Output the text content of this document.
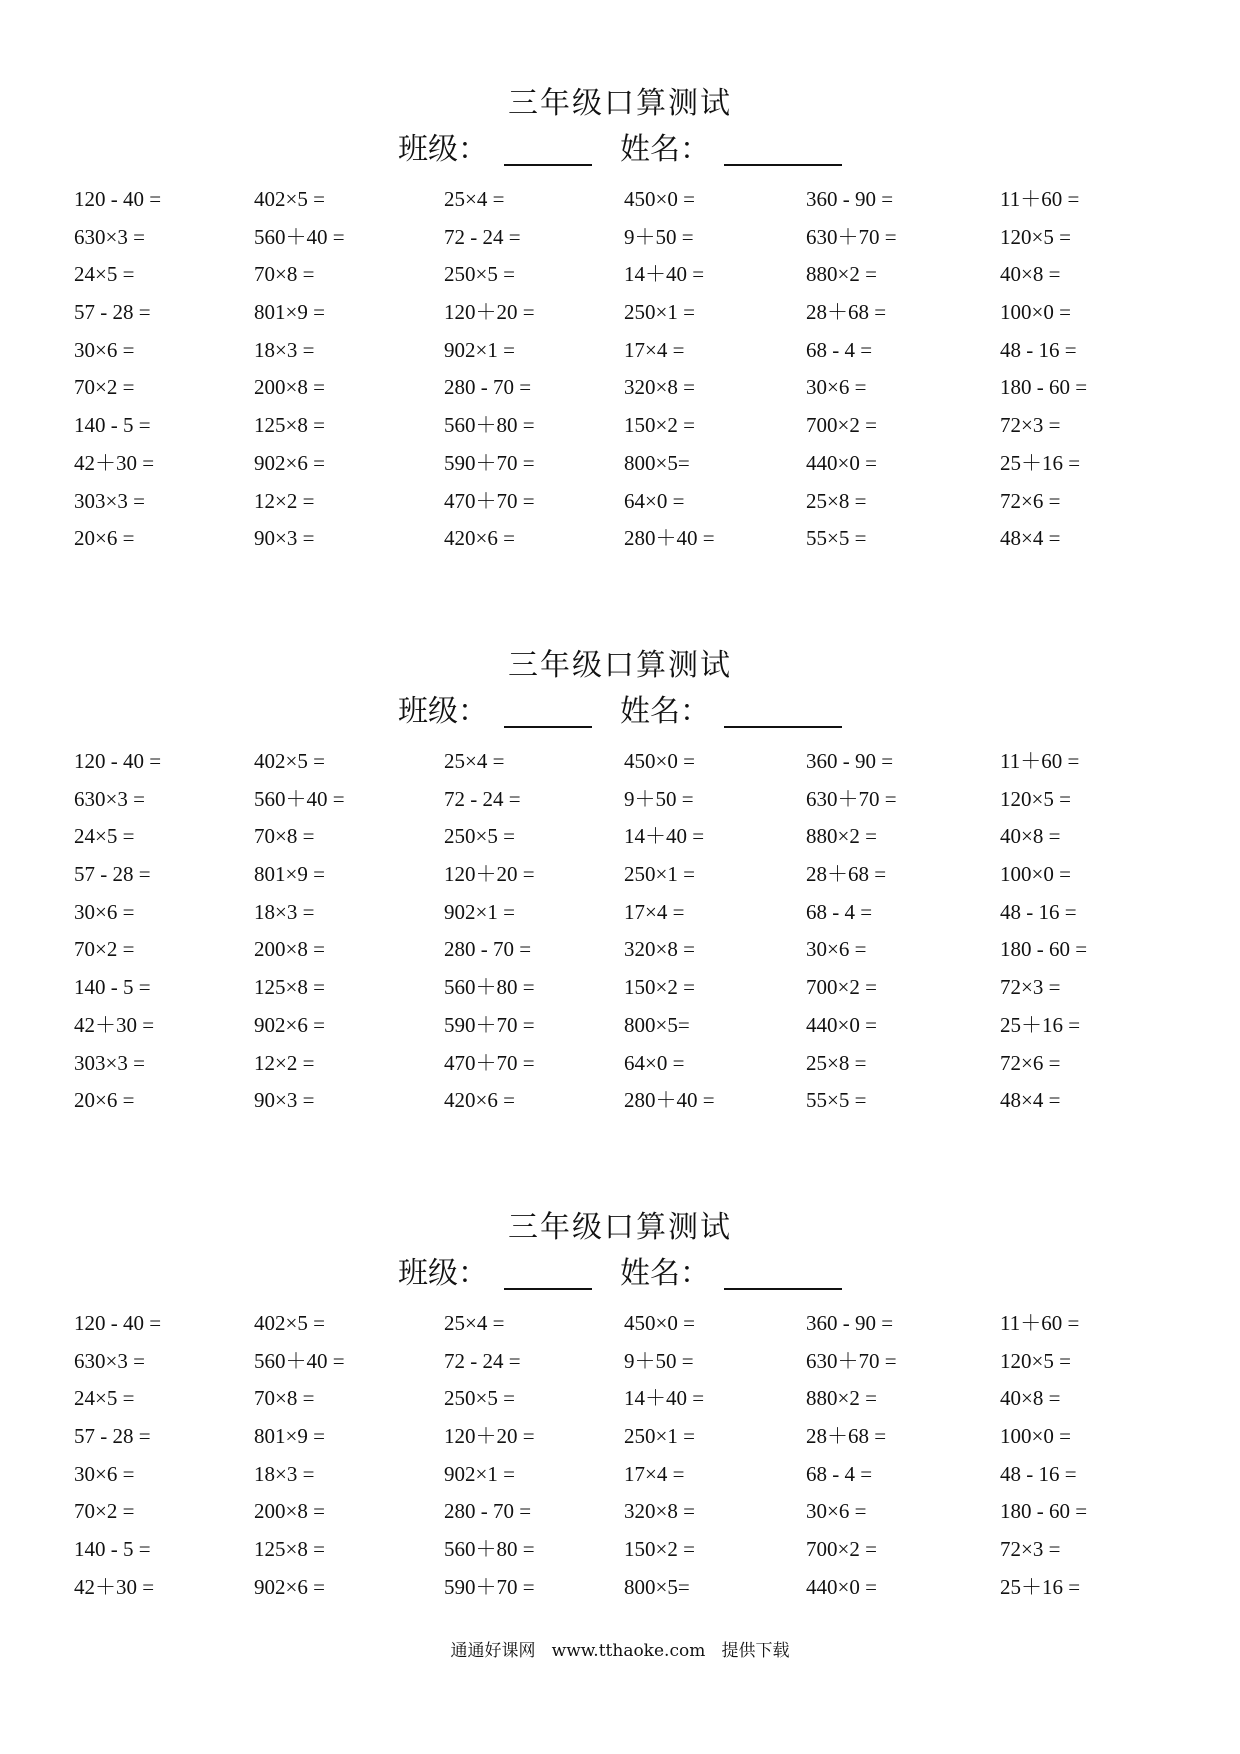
三年级口算测试
班级：	姓名：
120 - 40 =	402×5 =	25×4 =	450×0 =	360 - 90 =	11＋60 =
630×3 =	560＋40 =	72 - 24 =	9＋50 =	630＋70 =	120×5 =
24×5 =	70×8 =	250×5 =	14＋40 =	880×2 =	40×8 =
57 - 28 =	801×9 =	120＋20 =	250×1 =	28＋68 =	100×0 =
30×6 =	18×3 =	902×1 =	17×4 =	68 - 4 =	48 - 16 =
70×2 =	200×8 =	280 - 70 =	320×8 =	30×6 =	180 - 60 =
140 - 5 =	125×8 =	560＋80 =	150×2 =	700×2 =	72×3 =
42＋30 =	902×6 =	590＋70 =	800×5=	440×0 =	25＋16 =
303×3 =	12×2 =	470＋70 =	64×0 =	25×8 =	72×6 =
20×6 =	90×3 =	420×6 =	280＋40 =	55×5 =	48×4 =
三年级口算测试
班级：	姓名：
120 - 40 =	402×5 =	25×4 =	450×0 =	360 - 90 =	11＋60 =
630×3 =	560＋40 =	72 - 24 =	9＋50 =	630＋70 =	120×5 =
24×5 =	70×8 =	250×5 =	14＋40 =	880×2 =	40×8 =
57 - 28 =	801×9 =	120＋20 =	250×1 =	28＋68 =	100×0 =
30×6 =	18×3 =	902×1 =	17×4 =	68 - 4 =	48 - 16 =
70×2 =	200×8 =	280 - 70 =	320×8 =	30×6 =	180 - 60 =
140 - 5 =	125×8 =	560＋80 =	150×2 =	700×2 =	72×3 =
42＋30 =	902×6 =	590＋70 =	800×5=	440×0 =	25＋16 =
303×3 =	12×2 =	470＋70 =	64×0 =	25×8 =	72×6 =
20×6 =	90×3 =	420×6 =	280＋40 =	55×5 =	48×4 =
三年级口算测试
班级：	姓名：
120 - 40 =	402×5 =	25×4 =	450×0 =	360 - 90 =	11＋60 =
630×3 =	560＋40 =	72 - 24 =	9＋50 =	630＋70 =	120×5 =
24×5 =	70×8 =	250×5 =	14＋40 =	880×2 =	40×8 =
57 - 28 =	801×9 =	120＋20 =	250×1 =	28＋68 =	100×0 =
30×6 =	18×3 =	902×1 =	17×4 =	68 - 4 =	48 - 16 =
70×2 =	200×8 =	280 - 70 =	320×8 =	30×6 =	180 - 60 =
140 - 5 =	125×8 =	560＋80 =	150×2 =	700×2 =	72×3 =
42＋30 =	902×6 =	590＋70 =	800×5=	440×0 =	25＋16 =
通通好课网   www.tthaoke.com   提供下载
